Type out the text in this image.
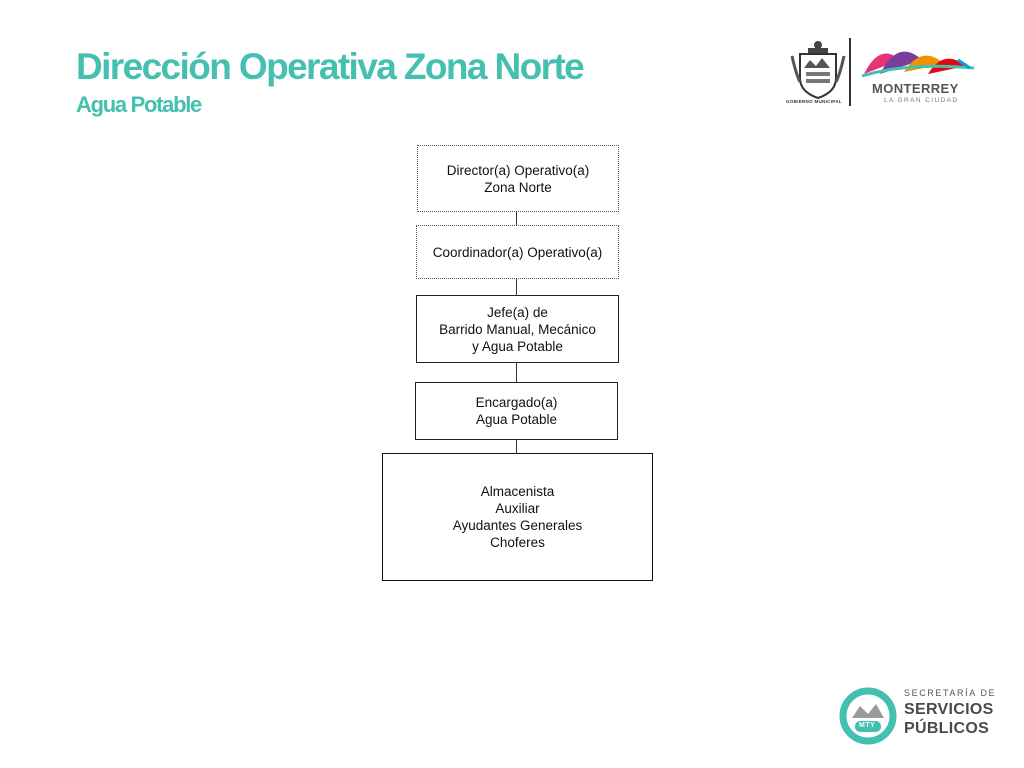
Dirección Operativa Zona Norte
Agua Potable	GOBIERNO MUNICIPAL
MONTERREY
LA GRAN CIUDAD
Director(a) Operativo(a)
Zona Norte
Coordinador(a) Operativo(a)
Jefe(a) de
Barrido Manual, Mecánico
y Agua Potable
Encargado(a)
Agua Potable
Almacenista
Auxiliar
Ayudantes Generales
Choferes
MTY
SECRETARÍA DE
SERVICIOS
PÚBLICOS
